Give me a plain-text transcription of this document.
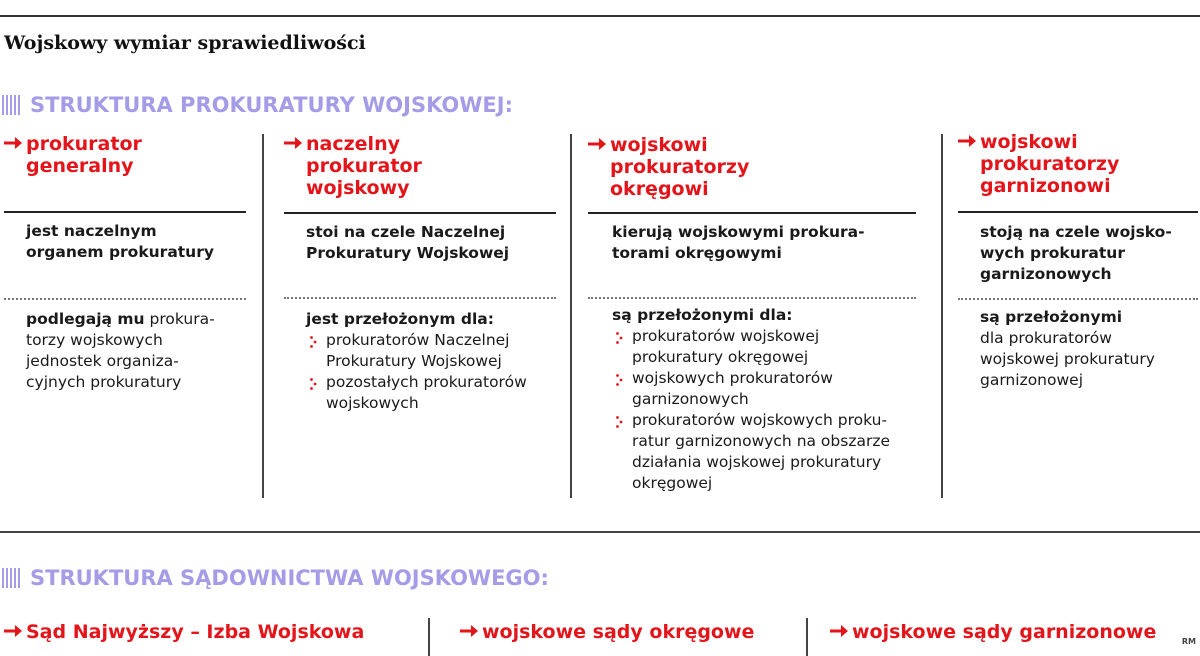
Wojskowy wymiar sprawiedliwości
STRUKTURA PROKURATURY WOJSKOWEJ:
prokurator
generalny
jest naczelnym
organem prokuratury
podlegają mu prokura-
torzy wojskowych
jednostek organiza-
cyjnych prokuratury
naczelny
prokurator
wojskowy
stoi na czele Naczelnej
Prokuratury Wojskowej
jest przełożonym dla:
prokuratorów Naczelnej
Prokuratury Wojskowej
pozostałych prokuratorów
wojskowych
wojskowi
prokuratorzy
okręgowi
kierują wojskowymi prokura-
torami okręgowymi
są przełożonymi dla:
prokuratorów wojskowej
prokuratury okręgowej
wojskowych prokuratorów
garnizonowych
prokuratorów wojskowych proku-
ratur garnizonowych na obszarze
działania wojskowej prokuratury
okręgowej
wojskowi
prokuratorzy
garnizonowi
stoją na czele wojsko-
wych prokuratur
garnizonowych
są przełożonymi
dla prokuratorów
wojskowej prokuratury
garnizonowej
STRUKTURA SĄDOWNICTWA WOJSKOWEGO:
Sąd Najwyższy – Izba Wojskowa	wojskowe sądy okręgowe	wojskowe sądy garnizonowe	RM
